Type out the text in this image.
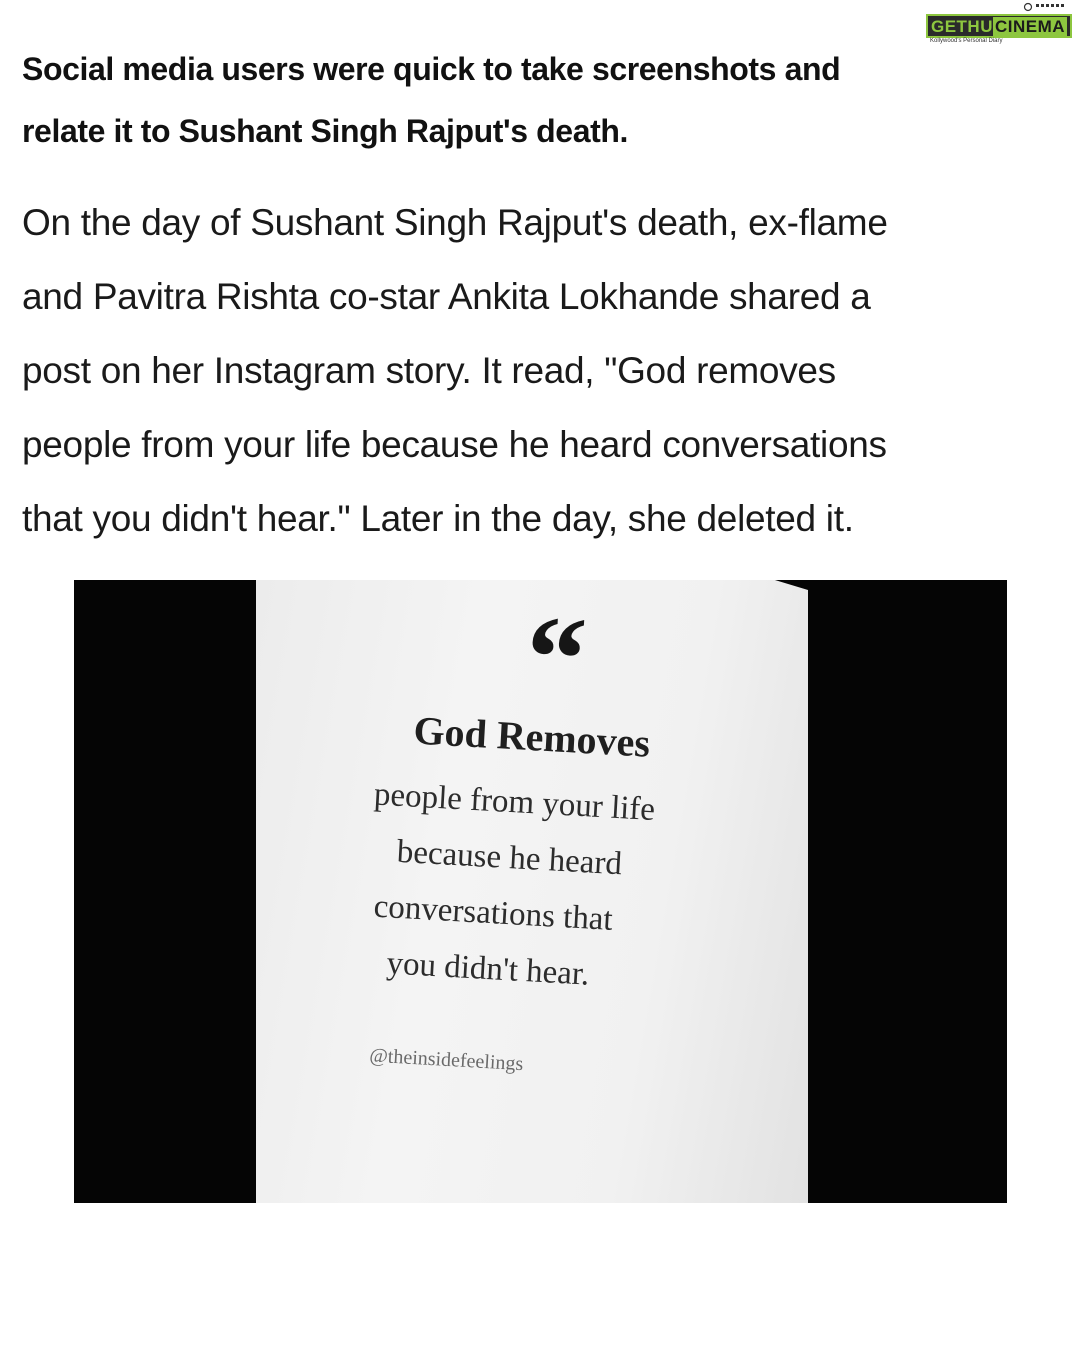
GETHU CINEMA
Kollywood's Personal Diary
Social media users were quick to take screenshots and
relate it to Sushant Singh Rajput's death.

On the day of Sushant Singh Rajput's death, ex-flame
and Pavitra Rishta co-star Ankita Lokhande shared a
post on her Instagram story. It read, "God removes
people from your life because he heard conversations
that you didn't hear." Later in the day, she deleted it.

“
God Removes
people from your life
because he heard
conversations that
you didn't hear.
@theinsidefeelings
